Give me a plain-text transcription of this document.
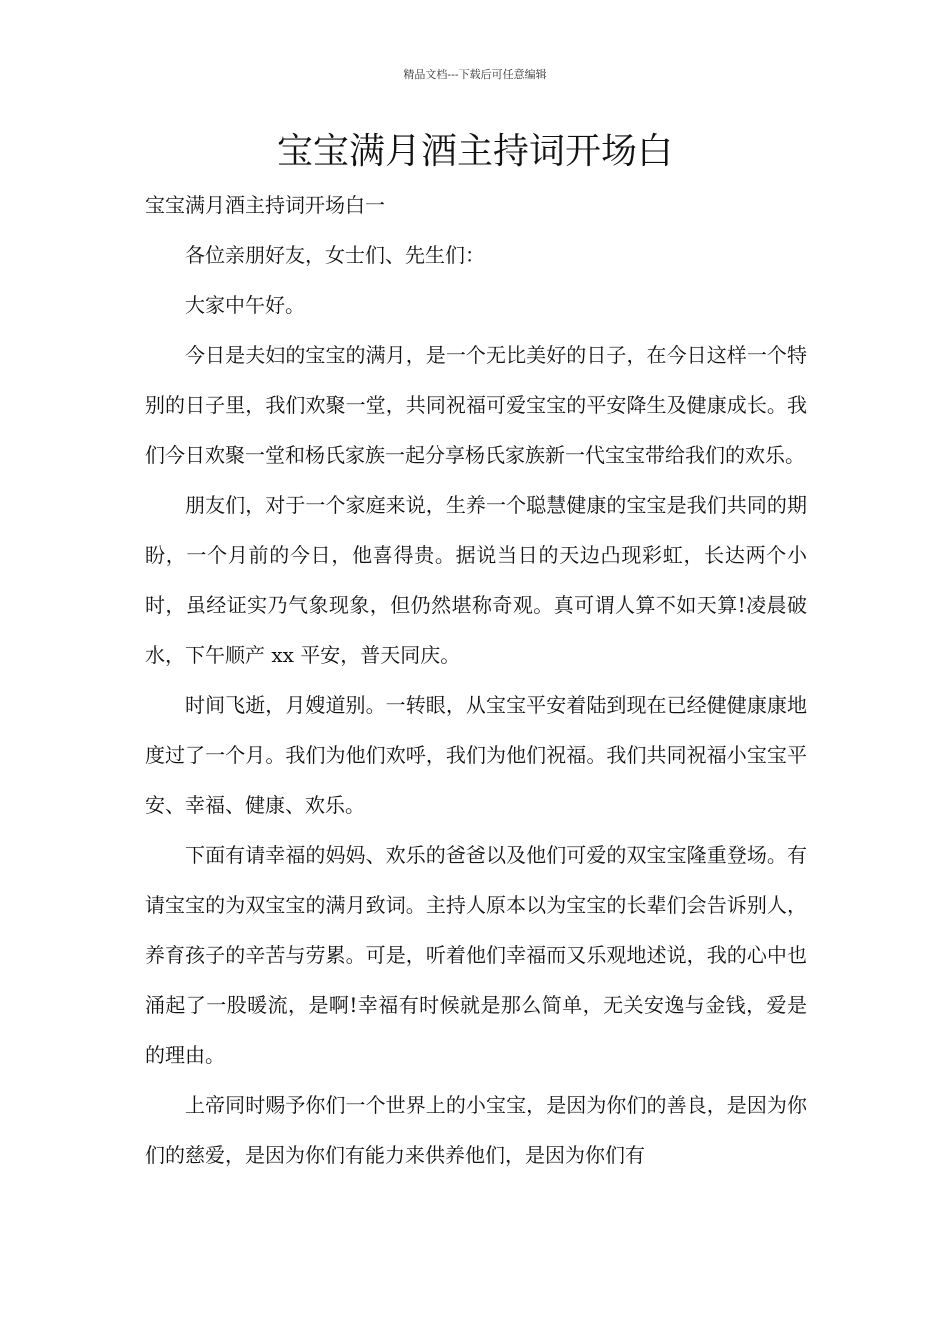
精品文档---下载后可任意编辑
宝宝满月酒主持词开场白

宝宝满月酒主持词开场白一

各位亲朋好友，女士们、先生们：

大家中午好。

今日是夫妇的宝宝的满月，是一个无比美好的日子，在今日这样一个特别的日子里，我们欢聚一堂，共同祝福可爱宝宝的平安降生及健康成长。我们今日欢聚一堂和杨氏家族一起分享杨氏家族新一代宝宝带给我们的欢乐。

朋友们，对于一个家庭来说，生养一个聪慧健康的宝宝是我们共同的期盼，一个月前的今日，他喜得贵。据说当日的天边凸现彩虹，长达两个小时，虽经证实乃气象现象，但仍然堪称奇观。真可谓人算不如天算!凌晨破水，下午顺产 xx 平安，普天同庆。

时间飞逝，月嫂道别。一转眼，从宝宝平安着陆到现在已经健健康康地度过了一个月。我们为他们欢呼，我们为他们祝福。我们共同祝福小宝宝平安、幸福、健康、欢乐。

下面有请幸福的妈妈、欢乐的爸爸以及他们可爱的双宝宝隆重登场。有请宝宝的为双宝宝的满月致词。主持人原本以为宝宝的长辈们会告诉别人，养育孩子的辛苦与劳累。可是，听着他们幸福而又乐观地述说，我的心中也涌起了一股暖流，是啊!幸福有时候就是那么简单，无关安逸与金钱，爱是的理由。

上帝同时赐予你们一个世界上的小宝宝，是因为你们的善良，是因为你们的慈爱，是因为你们有能力来供养他们，是因为你们有
